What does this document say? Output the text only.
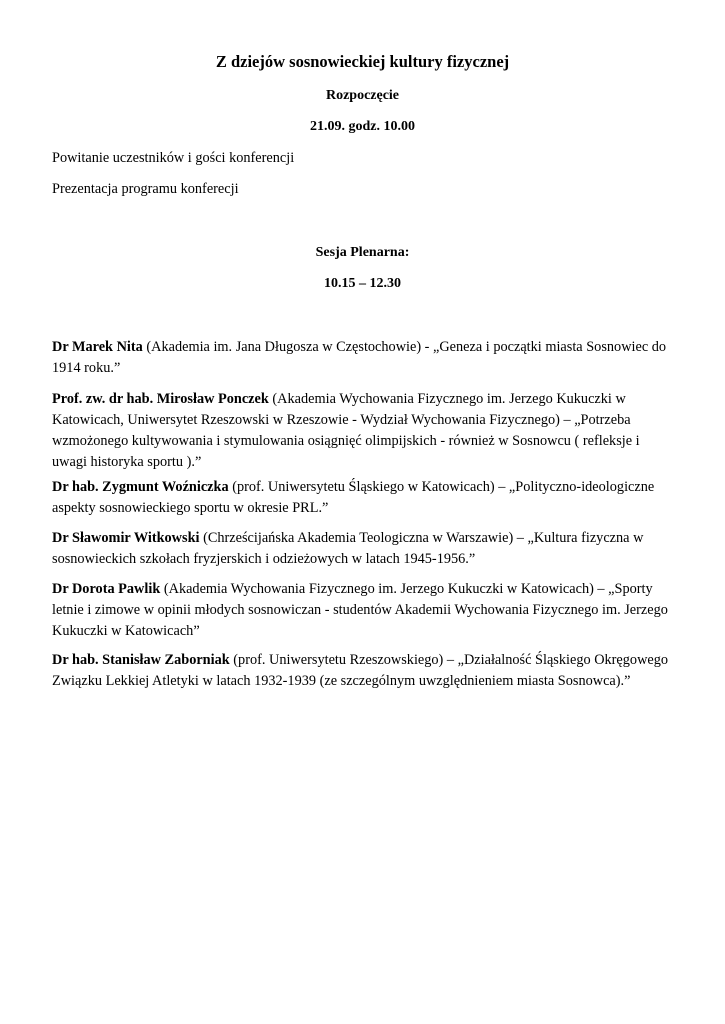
Z dziejów sosnowieckiej kultury fizycznej

Rozpoczęcie

21.09. godz. 10.00

Powitanie uczestników i gości konferencji

Prezentacja programu konfereсji

Sesja Plenarna:

10.15 – 12.30

Dr Marek Nita (Akademia im. Jana Długosza w Częstochowie) - „Geneza i początki miasta Sosnowiec do 1914 roku.”

Prof. zw. dr hab. Mirosław Ponczek (Akademia Wychowania Fizycznego im. Jerzego Kukuczki w Katowicach, Uniwersytet Rzeszowski w Rzeszowie - Wydział Wychowania Fizycznego) – „Potrzeba wzmożonego kultywowania i stymulowania osiągnięć olimpijskich - również w Sosnowcu ( refleksje i uwagi historyka sportu ).”

Dr hab. Zygmunt Woźniczka (prof. Uniwersytetu Śląskiego w Katowicach) – „Polityczno-ideologiczne aspekty sosnowieckiego sportu w okresie PRL.”

Dr Sławomir Witkowski (Chrześcijańska Akademia Teologiczna w Warszawie) – „Kultura fizyczna w sosnowieckich szkołach fryzjerskich i odzieżowych w latach 1945-1956.”

Dr Dorota Pawlik (Akademia Wychowania Fizycznego im. Jerzego Kukuczki w Katowicach) – „Sporty letnie i zimowe w opinii młodych sosnowiczan - studentów Akademii Wychowania Fizycznego im. Jerzego Kukuczki w Katowicach”

Dr hab. Stanisław Zaborniak (prof. Uniwersytetu Rzeszowskiego) – „Działalność Śląskiego Okręgowego Związku Lekkiej Atletyki w latach 1932-1939 (ze szczególnym uwzględnieniem miasta Sosnowca).”
